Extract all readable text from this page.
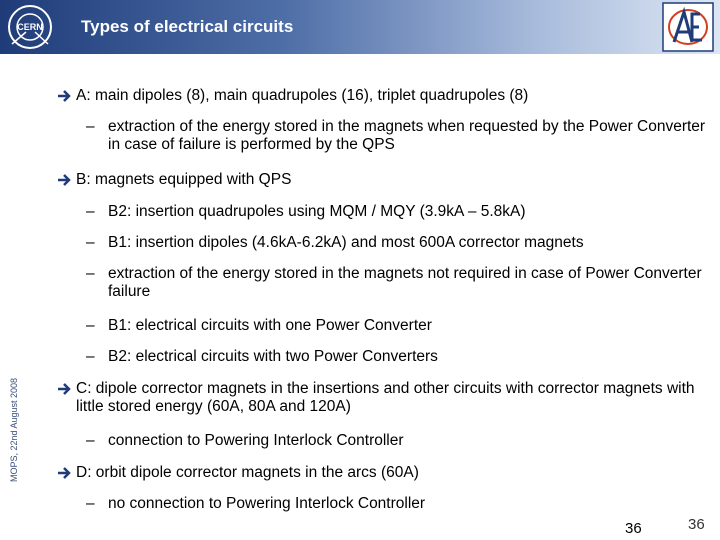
CERN Types of electrical circuits
MOPS, 22nd August 2008
A: main dipoles (8), main quadrupoles (16), triplet quadrupoles (8)
– extraction of the energy stored in the magnets when requested by the Power Converter in case of failure is performed by the QPS
B: magnets equipped with QPS
– B2: insertion quadrupoles using MQM / MQY (3.9kA – 5.8kA)
– B1: insertion dipoles (4.6kA-6.2kA) and most 600A corrector magnets
– extraction of the energy stored in the magnets not required in case of Power Converter failure
– B1: electrical circuits with one Power Converter
– B2: electrical circuits with two Power Converters
C: dipole corrector magnets in the insertions and other circuits with corrector magnets with little stored energy (60A, 80A and 120A)
– connection to Powering Interlock Controller
D: orbit dipole corrector magnets in the arcs (60A)
– no connection to Powering Interlock Controller
36	36
